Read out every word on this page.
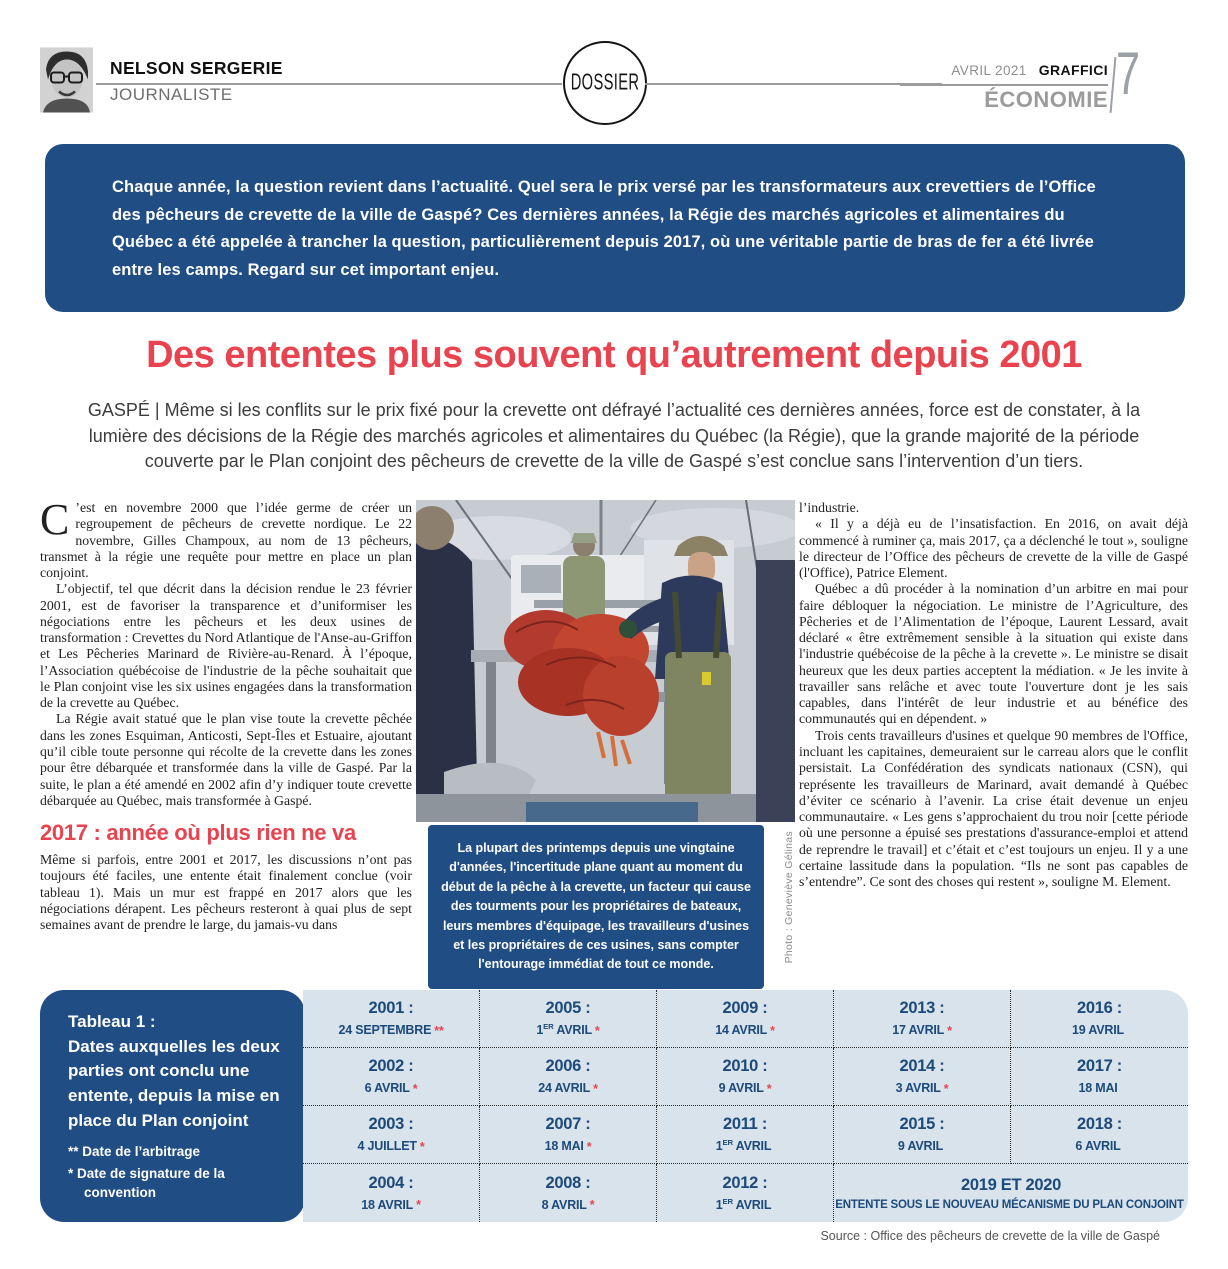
NELSON SERGERIE
JOURNALISTE	DOSSIER	AVRIL 2021 GRAFFICI
ÉCONOMIE 7

Chaque année, la question revient dans l’actualité. Quel sera le prix versé par les transformateurs aux crevettiers de l’Office des pêcheurs de crevette de la ville de Gaspé? Ces dernières années, la Régie des marchés agricoles et alimentaires du Québec a été appelée à trancher la question, particulièrement depuis 2017, où une véritable partie de bras de fer a été livrée entre les camps. Regard sur cet important enjeu.

Des ententes plus souvent qu’autrement depuis 2001
GASPÉ | Même si les conflits sur le prix fixé pour la crevette ont défrayé l’actualité ces dernières années, force est de constater, à la lumière des décisions de la Régie des marchés agricoles et alimentaires du Québec (la Régie), que la grande majorité de la période couverte par le Plan conjoint des pêcheurs de crevette de la ville de Gaspé s’est conclue sans l’intervention d’un tiers.

C ’est en novembre 2000 que l’idée germe de créer un regroupement de pêcheurs de crevette nordique. Le 22 novembre, Gilles Champoux, au nom de 13 pêcheurs, transmet à la régie une requête pour mettre en place un plan conjoint.

L’objectif, tel que décrit dans la décision rendue le 23 février 2001, est de favoriser la transparence et d’uniformiser les négociations entre les pêcheurs et les deux usines de transformation : Crevettes du Nord Atlantique de l'Anse-au-Griffon et Les Pêcheries Marinard de Rivière-au-Renard. À l’époque, l’Association québécoise de l'industrie de la pêche souhaitait que le Plan conjoint vise les six usines engagées dans la transformation de la crevette au Québec.

La Régie avait statué que le plan vise toute la crevette pêchée dans les zones Esquiman, Anticosti, Sept-Îles et Estuaire, ajoutant qu’il cible toute personne qui récolte de la crevette dans les zones pour être débarquée et transformée dans la ville de Gaspé. Par la suite, le plan a été amendé en 2002 afin d’y indiquer toute crevette débarquée au Québec, mais transformée à Gaspé.

2017 : année où plus rien ne va

Même si parfois, entre 2001 et 2017, les discussions n’ont pas toujours été faciles, une entente était finalement conclue (voir tableau 1). Mais un mur est frappé en 2017 alors que les négociations dérapent. Les pêcheurs resteront à quai plus de sept semaines avant de prendre le large, du jamais-vu dans

La plupart des printemps depuis une vingtaine d'années, l'incertitude plane quant au moment du début de la pêche à la crevette, un facteur qui cause des tourments pour les propriétaires de bateaux, leurs membres d'équipage, les travailleurs d'usines et les propriétaires de ces usines, sans compter l'entourage immédiat de tout ce monde.
Photo : Geneviève Gélinas

l’industrie.

« Il y a déjà eu de l’insatisfaction. En 2016, on avait déjà commencé à ruminer ça, mais 2017, ça a déclenché le tout », souligne le directeur de l’Office des pêcheurs de crevette de la ville de Gaspé (l'Office), Patrice Element.

Québec a dû procéder à la nomination d’un arbitre en mai pour faire débloquer la négociation. Le ministre de l’Agriculture, des Pêcheries et de l’Alimentation de l’époque, Laurent Lessard, avait déclaré « être extrêmement sensible à la situation qui existe dans l'industrie québécoise de la pêche à la crevette ». Le ministre se disait heureux que les deux parties acceptent la médiation. « Je les invite à travailler sans relâche et avec toute l'ouverture dont je les sais capables, dans l'intérêt de leur industrie et au bénéfice des communautés qui en dépendent. »

Trois cents travailleurs d'usines et quelque 90 membres de l'Office, incluant les capitaines, demeuraient sur le carreau alors que le conflit persistait. La Confédération des syndicats nationaux (CSN), qui représente les travailleurs de Marinard, avait demandé à Québec d’éviter ce scénario à l’avenir. La crise était devenue un enjeu communautaire. « Les gens s’approchaient du trou noir [cette période où une personne a épuisé ses prestations d'assurance-emploi et attend de reprendre le travail] et c’était et c’est toujours un enjeu. Il y a une certaine lassitude dans la population. “Ils ne sont pas capables de s’entendre”. Ce sont des choses qui restent », souligne M. Element.

Tableau 1 :
Dates auxquelles les deux parties ont conclu une entente, depuis la mise en place du Plan conjoint
** Date de l’arbitrage
* Date de signature de la convention
2001 :
24 SEPTEMBRE **
2005 :
1ER AVRIL *
2009 :
14 AVRIL *
2013 :
17 AVRIL *
2016 :
19 AVRIL
2002 :
6 AVRIL *
2006 :
24 AVRIL *
2010 :
9 AVRIL *
2014 :
3 AVRIL *
2017 :
18 MAI
2003 :
4 JUILLET *
2007 :
18 MAI *
2011 :
1ER AVRIL
2015 :
9 AVRIL
2018 :
6 AVRIL
2004 :
18 AVRIL *
2008 :
8 AVRIL *
2012 :
1ER AVRIL
2019 ET 2020
ENTENTE SOUS LE NOUVEAU MÉCANISME DU PLAN CONJOINT
Source : Office des pêcheurs de crevette de la ville de Gaspé
